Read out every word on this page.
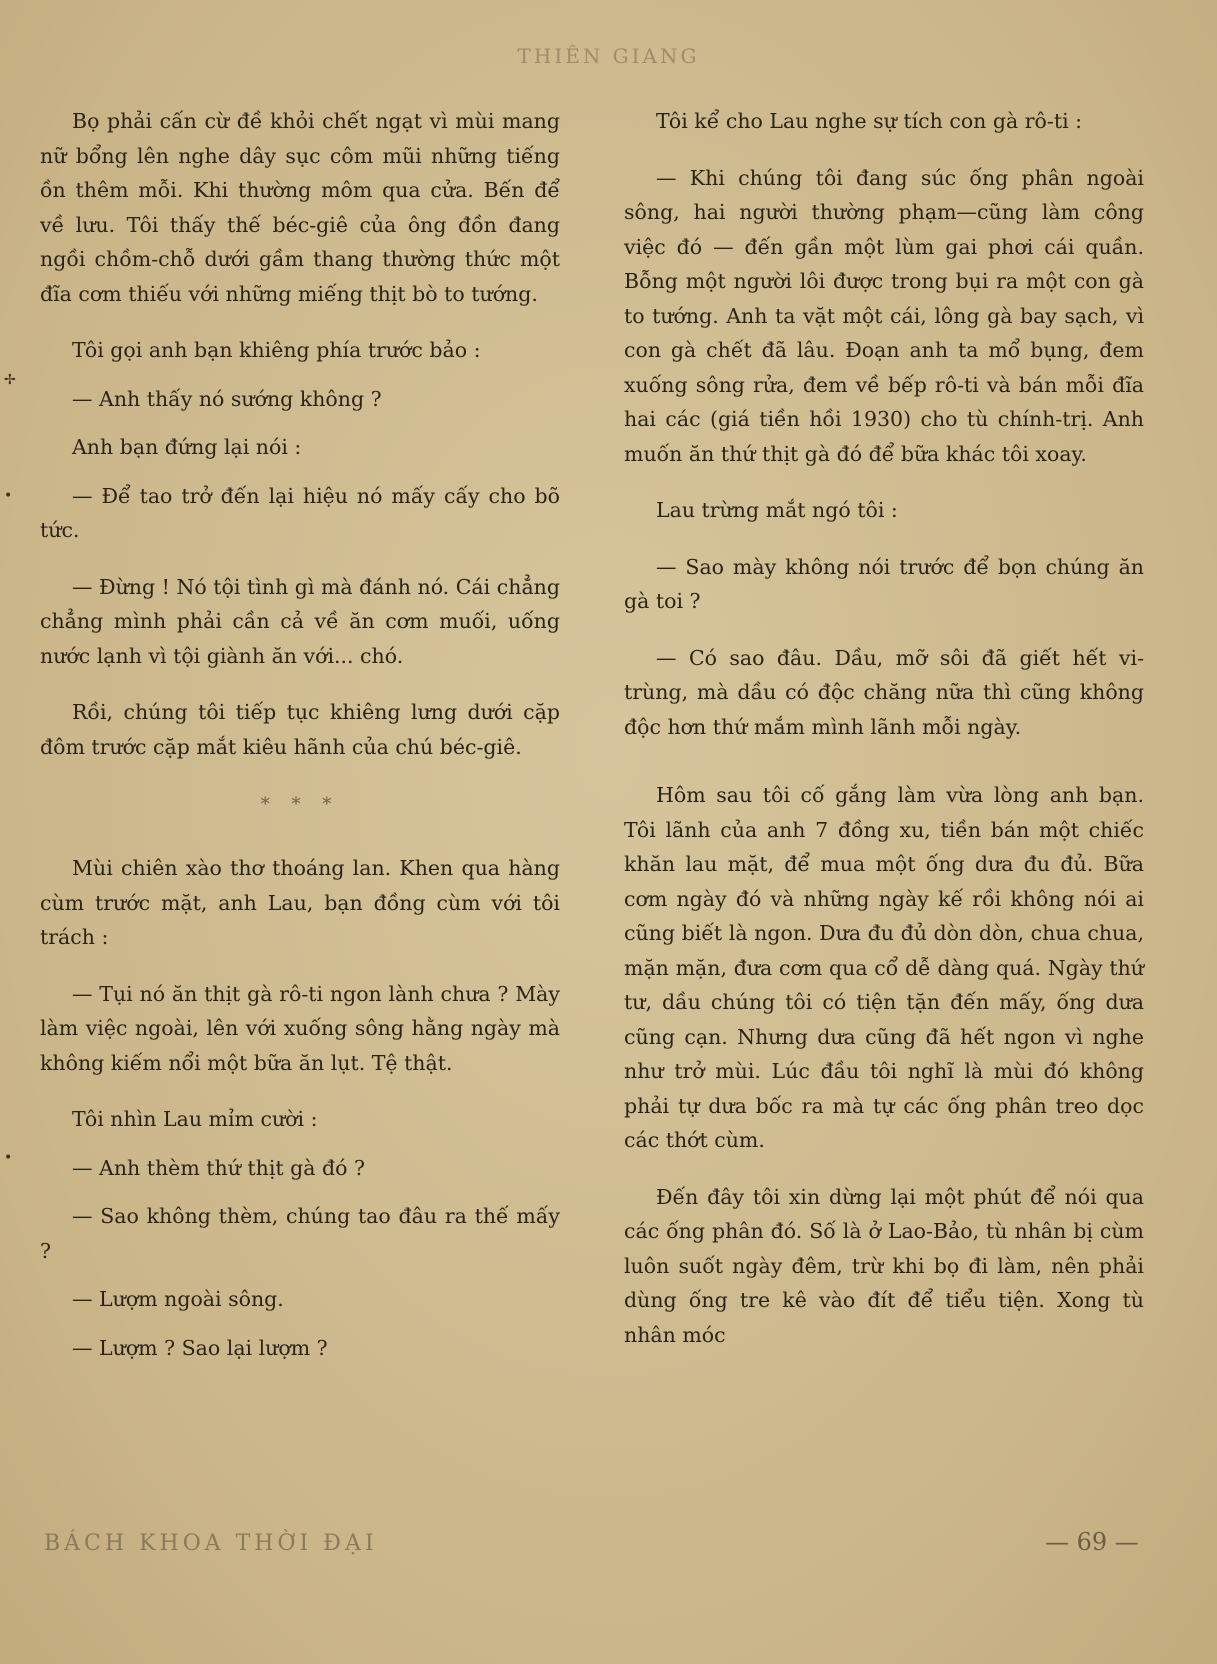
THIÊN GIANG

Bọ phải cấn cừ đề khỏi chết ngạt vì mùi mang nữ bổng lên nghe dây sục côm mũi những tiếng ồn thêm mỗi. Khi thường môm qua cửa. Bến để về lưu. Tôi thấy thế béc-giê của ông đồn đang ngồi chồm-chỗ dưới gầm thang thường thức một đĩa cơm thiếu với những miếng thịt bò to tướng.

Tôi gọi anh bạn khiêng phía trước bảo :

— Anh thấy nó sướng không ?

Anh bạn đứng lại nói :

— Để tao trở đến lại hiệu nó mấy cấy cho bõ tức.

— Đừng ! Nó tội tình gì mà đánh nó. Cái chẳng chẳng mình phải cần cả về ăn cơm muối, uống nước lạnh vì tội giành ăn với... chó.

Rồi, chúng tôi tiếp tục khiêng lưng dưới cặp đôm trước cặp mắt kiêu hãnh của chú béc-giê.

* * *

Mùi chiên xào thơ thoáng lan. Khen qua hàng cùm trước mặt, anh Lau, bạn đồng cùm với tôi trách :

— Tụi nó ăn thịt gà rô-ti ngon lành chưa ? Mày làm việc ngoài, lên với xuống sông hằng ngày mà không kiếm nổi một bữa ăn lụt. Tệ thật.

Tôi nhìn Lau mỉm cười :

— Anh thèm thứ thịt gà đó ?

— Sao không thèm, chúng tao đâu ra thế mấy ?

— Lượm ngoài sông.

— Lượm ? Sao lại lượm ?

Tôi kể cho Lau nghe sự tích con gà rô-ti :

— Khi chúng tôi đang súc ống phân ngoài sông, hai người thường phạm—cũng làm công việc đó — đến gần một lùm gai phơi cái quần. Bỗng một người lôi được trong bụi ra một con gà to tướng. Anh ta vặt một cái, lông gà bay sạch, vì con gà chết đã lâu. Đoạn anh ta mổ bụng, đem xuống sông rửa, đem về bếp rô-ti và bán mỗi đĩa hai các (giá tiền hồi 1930) cho tù chính-trị. Anh muốn ăn thứ thịt gà đó để bữa khác tôi xoay.

Lau trừng mắt ngó tôi :

— Sao mày không nói trước để bọn chúng ăn gà toi ?

— Có sao đâu. Dầu, mỡ sôi đã giết hết vi-trùng, mà dầu có độc chăng nữa thì cũng không độc hơn thứ mắm mình lãnh mỗi ngày.

Hôm sau tôi cố gắng làm vừa lòng anh bạn. Tôi lãnh của anh 7 đồng xu, tiền bán một chiếc khăn lau mặt, để mua một ống dưa đu đủ. Bữa cơm ngày đó và những ngày kế rồi không nói ai cũng biết là ngon. Dưa đu đủ dòn dòn, chua chua, mặn mặn, đưa cơm qua cổ dễ dàng quá. Ngày thứ tư, dầu chúng tôi có tiện tặn đến mấy, ống dưa cũng cạn. Nhưng dưa cũng đã hết ngon vì nghe như trở mùi. Lúc đầu tôi nghĩ là mùi đó không phải tự dưa bốc ra mà tự các ống phân treo dọc các thớt cùm.

Đến đây tôi xin dừng lại một phút để nói qua các ống phân đó. Số là ở Lao-Bảo, tù nhân bị cùm luôn suốt ngày đêm, trừ khi bọ đi làm, nên phải dùng ống tre kê vào đít để tiểu tiện. Xong tù nhân móc

✢
•
•
BÁCH KHOA THỜI ĐẠI	— 69 —
